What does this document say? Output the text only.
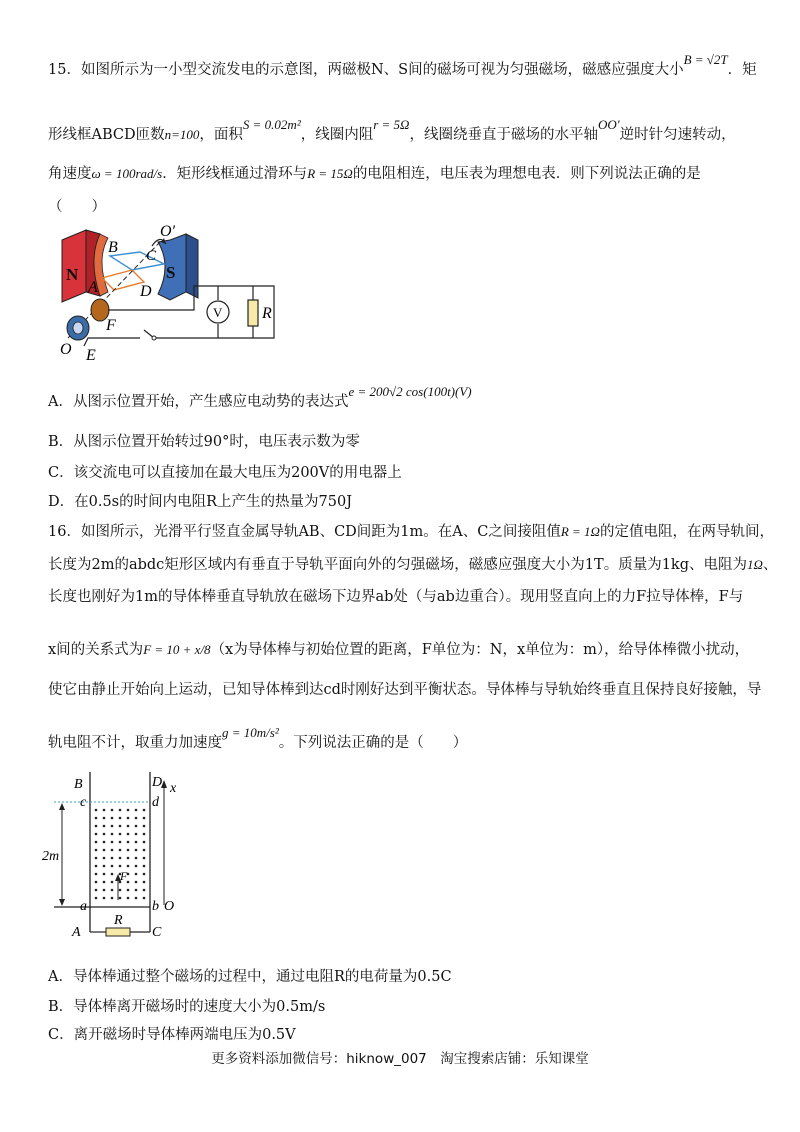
15．如图所示为一小型交流发电的示意图，两磁极N、S间的磁场可视为匀强磁场，磁感应强度大小B = √2T．矩
形线框ABCD匝数n=100，面积S = 0.02m²，线圈内阻r = 5Ω，线圈绕垂直于磁场的水平轴OO′逆时针匀速转动，
角速度ω = 100rad/s．矩形线框通过滑环与R = 15Ω的电阻相连，电压表为理想电表．则下列说法正确的是
（　　）
N	S
B
O′
C
A	D
F
O E
V R
A．从图示位置开始，产生感应电动势的表达式e = 200√2 cos(100t)(V)
B．从图示位置开始转过90°时，电压表示数为零
C．该交流电可以直接加在最大电压为200V的用电器上
D．在0.5s的时间内电阻R上产生的热量为750J
16．如图所示，光滑平行竖直金属导轨AB、CD间距为1m。在A、C之间接阻值R = 1Ω的定值电阻，在两导轨间，
长度为2m的abdc矩形区域内有垂直于导轨平面向外的匀强磁场，磁感应强度大小为1T。质量为1kg、电阻为1Ω、
长度也刚好为1m的导体棒垂直导轨放在磁场下边界ab处（与ab边重合）。现用竖直向上的力F拉导体棒，F与
x间的关系式为F = 10 + x/8（x为导体棒与初始位置的距离，F单位为：N，x单位为：m），给导体棒微小扰动，
使它由静止开始向上运动，已知导体棒到达cd时刚好达到平衡状态。导体棒与导轨始终垂直且保持良好接触，导
轨电阻不计，取重力加速度g = 10m/s²。下列说法正确的是（　　）
B	D x
c	d
2m
F
a	b O
R
A	C
A．导体棒通过整个磁场的过程中，通过电阻R的电荷量为0.5C
B．导体棒离开磁场时的速度大小为0.5m/s
C．离开磁场时导体棒两端电压为0.5V
更多资料添加微信号：hiknow_007　淘宝搜索店铺：乐知课堂
